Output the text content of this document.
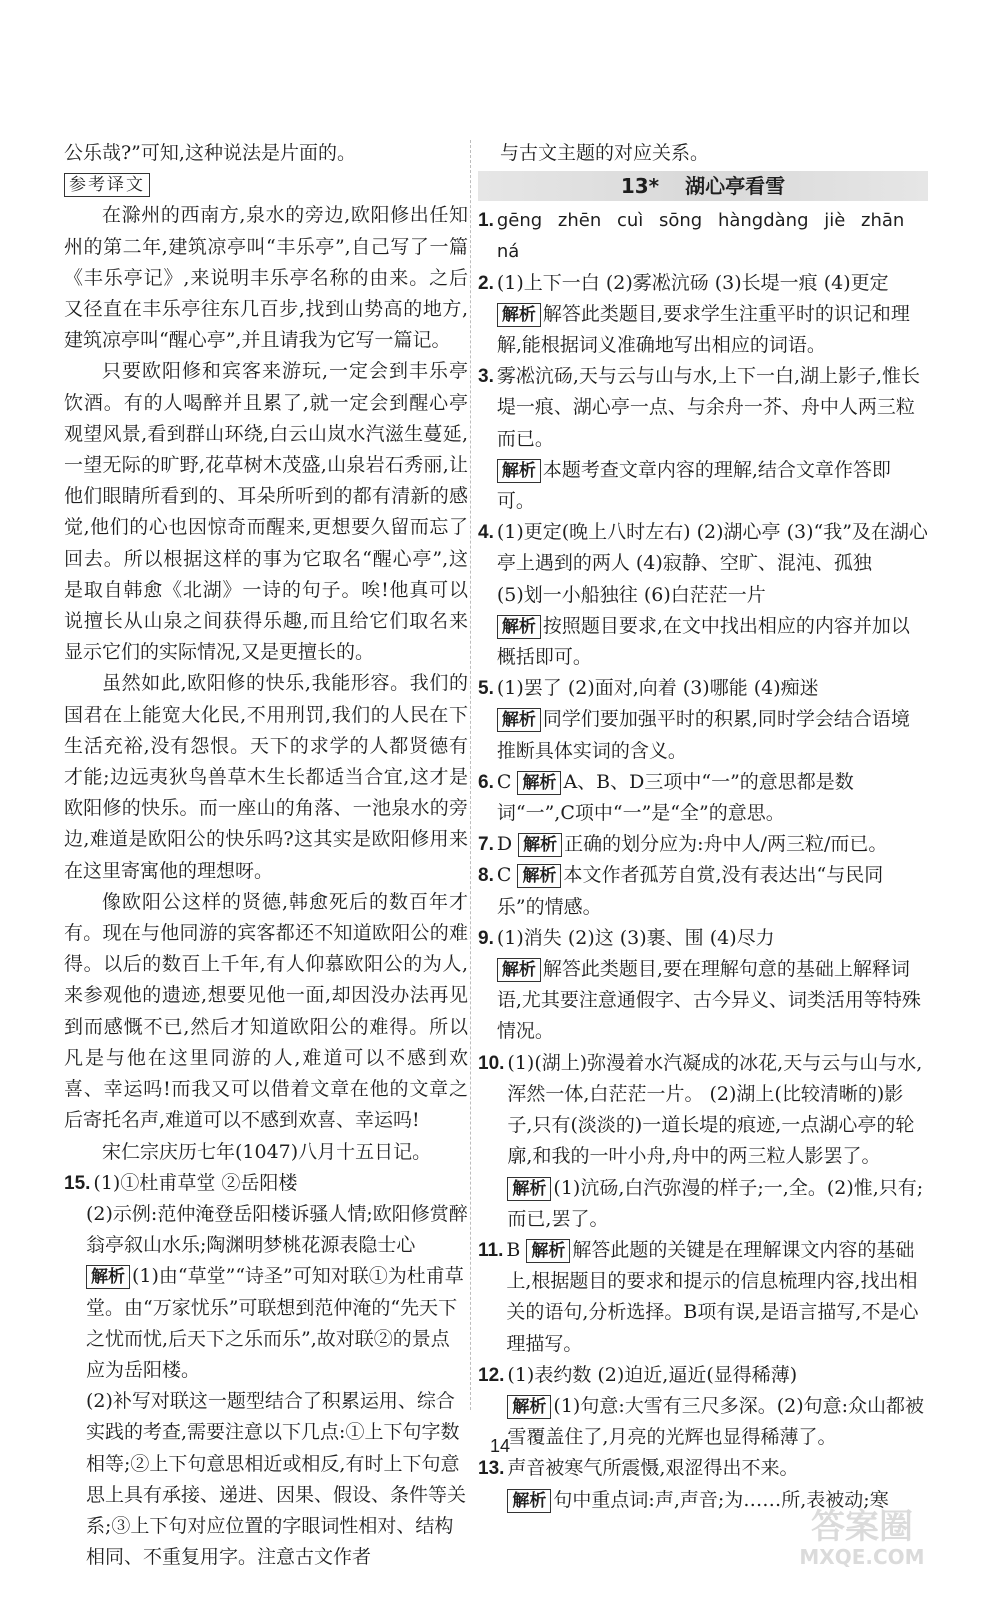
公乐哉?”可知,这种说法是片面的。

参考译文

在滁州的西南方,泉水的旁边,欧阳修出任知州的第二年,建筑凉亭叫“丰乐亭”,自己写了一篇《丰乐亭记》,来说明丰乐亭名称的由来。之后又径直在丰乐亭往东几百步,找到山势高的地方,建筑凉亭叫“醒心亭”,并且请我为它写一篇记。

只要欧阳修和宾客来游玩,一定会到丰乐亭饮酒。有的人喝醉并且累了,就一定会到醒心亭观望风景,看到群山环绕,白云山岚水汽滋生蔓延,一望无际的旷野,花草树木茂盛,山泉岩石秀丽,让他们眼睛所看到的、耳朵所听到的都有清新的感觉,他们的心也因惊奇而醒来,更想要久留而忘了回去。所以根据这样的事为它取名“醒心亭”,这是取自韩愈《北湖》一诗的句子。唉!他真可以说擅长从山泉之间获得乐趣,而且给它们取名来显示它们的实际情况,又是更擅长的。

虽然如此,欧阳修的快乐,我能形容。我们的国君在上能宽大化民,不用刑罚,我们的人民在下生活充裕,没有怨恨。天下的求学的人都贤德有才能;边远夷狄鸟兽草木生长都适当合宜,这才是欧阳修的快乐。而一座山的角落、一池泉水的旁边,难道是欧阳公的快乐吗?这其实是欧阳修用来在这里寄寓他的理想呀。

像欧阳公这样的贤德,韩愈死后的数百年才有。现在与他同游的宾客都还不知道欧阳公的难得。以后的数百上千年,有人仰慕欧阳公的为人,来参观他的遗迹,想要见他一面,却因没办法再见到而感慨不已,然后才知道欧阳公的难得。所以凡是与他在这里同游的人,难道可以不感到欢喜、幸运吗!而我又可以借着文章在他的文章之后寄托名声,难道可以不感到欢喜、幸运吗!

宋仁宗庆历七年(1047)八月十五日记。

15. (1)①杜甫草堂 ②岳阳楼
(2)示例:范仲淹登岳阳楼诉骚人情;欧阳修赏醉翁亭叙山水乐;陶渊明梦桃花源表隐士心
解析 (1)由“草堂”“诗圣”可知对联①为杜甫草堂。由“万家忧乐”可联想到范仲淹的“先天下之忧而忧,后天下之乐而乐”,故对联②的景点应为岳阳楼。
(2)补写对联这一题型结合了积累运用、综合实践的考查,需要注意以下几点:①上下句字数相等;②上下句意思相近或相反,有时上下句意思上具有承接、递进、因果、假设、条件等关系;③上下句对应位置的字眼词性相对、结构相同、不重复用字。注意古文作者
与古文主题的对应关系。
13* 湖心亭看雪
1. gēng zhēn cuì sōng hàngdàng jiè zhān ná
2. (1)上下一白 (2)雾凇沆砀 (3)长堤一痕 (4)更定
解析 解答此类题目,要求学生注重平时的识记和理解,能根据词义准确地写出相应的词语。
3. 雾凇沆砀,天与云与山与水,上下一白,湖上影子,惟长堤一痕、湖心亭一点、与余舟一芥、舟中人两三粒而已。
解析 本题考查文章内容的理解,结合文章作答即可。
4. (1)更定(晚上八时左右) (2)湖心亭 (3)“我”及在湖心亭上遇到的两人 (4)寂静、空旷、混沌、孤独
(5)划一小船独往 (6)白茫茫一片
解析 按照题目要求,在文中找出相应的内容并加以概括即可。
5. (1)罢了 (2)面对,向着 (3)哪能 (4)痴迷
解析 同学们要加强平时的积累,同时学会结合语境推断具体实词的含义。
6. C 解析 A、B、D三项中“一”的意思都是数词“一”,C项中“一”是“全”的意思。
7. D 解析 正确的划分应为:舟中人/两三粒/而已。
8. C 解析 本文作者孤芳自赏,没有表达出“与民同乐”的情感。
9. (1)消失 (2)这 (3)裹、围 (4)尽力
解析 解答此类题目,要在理解句意的基础上解释词语,尤其要注意通假字、古今异义、词类活用等特殊情况。
10. (1)(湖上)弥漫着水汽凝成的冰花,天与云与山与水,浑然一体,白茫茫一片。 (2)湖上(比较清晰的)影子,只有(淡淡的)一道长堤的痕迹,一点湖心亭的轮廓,和我的一叶小舟,舟中的两三粒人影罢了。
解析 (1)沆砀,白汽弥漫的样子;一,全。(2)惟,只有;而已,罢了。
11. B 解析 解答此题的关键是在理解课文内容的基础上,根据题目的要求和提示的信息梳理内容,找出相关的语句,分析选择。B项有误,是语言描写,不是心理描写。
12. (1)表约数 (2)迫近,逼近(显得稀薄)
解析 (1)句意:大雪有三尺多深。(2)句意:众山都被雪覆盖住了,月亮的光辉也显得稀薄了。
13. 声音被寒气所震慑,艰涩得出不来。
解析 句中重点词:声,声音;为……所,表被动;寒
14
答案圈
MXQE.COM
